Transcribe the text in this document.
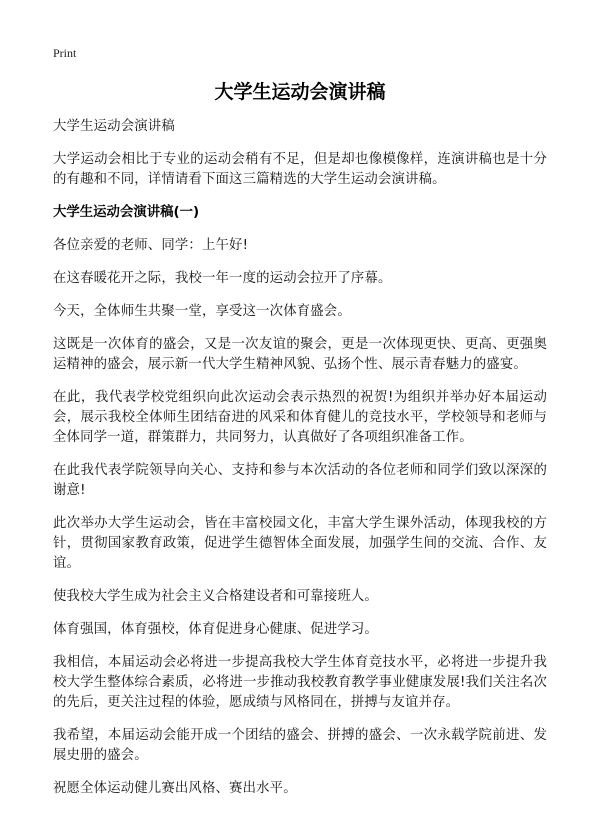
Print
大学生运动会演讲稿

大学生运动会演讲稿

大学运动会相比于专业的运动会稍有不足，但是却也像模像样，连演讲稿也是十分的有趣和不同，详情请看下面这三篇精选的大学生运动会演讲稿。

大学生运动会演讲稿(一)

各位亲爱的老师、同学：上午好!

在这春暖花开之际，我校一年一度的运动会拉开了序幕。

今天，全体师生共聚一堂，享受这一次体育盛会。

这既是一次体育的盛会，又是一次友谊的聚会，更是一次体现更快、更高、更强奥运精神的盛会，展示新一代大学生精神风貌、弘扬个性、展示青春魅力的盛宴。

在此，我代表学校党组织向此次运动会表示热烈的祝贺!为组织并举办好本届运动会，展示我校全体师生团结奋进的风采和体育健儿的竞技水平，学校领导和老师与全体同学一道，群策群力，共同努力，认真做好了各项组织准备工作。

在此我代表学院领导向关心、支持和参与本次活动的各位老师和同学们致以深深的谢意!

此次举办大学生运动会，皆在丰富校园文化，丰富大学生课外活动，体现我校的方针，贯彻国家教育政策，促进学生德智体全面发展，加强学生间的交流、合作、友谊。

使我校大学生成为社会主义合格建设者和可靠接班人。

体育强国，体育强校，体育促进身心健康、促进学习。

我相信，本届运动会必将进一步提高我校大学生体育竞技水平，必将进一步提升我校大学生整体综合素质，必将进一步推动我校教育教学事业健康发展!我们关注名次的先后，更关注过程的体验，愿成绩与风格同在，拼搏与友谊并存。

我希望，本届运动会能开成一个团结的盛会、拼搏的盛会、一次永载学院前进、发展史册的盛会。

祝愿全体运动健儿赛出风格、赛出水平。
